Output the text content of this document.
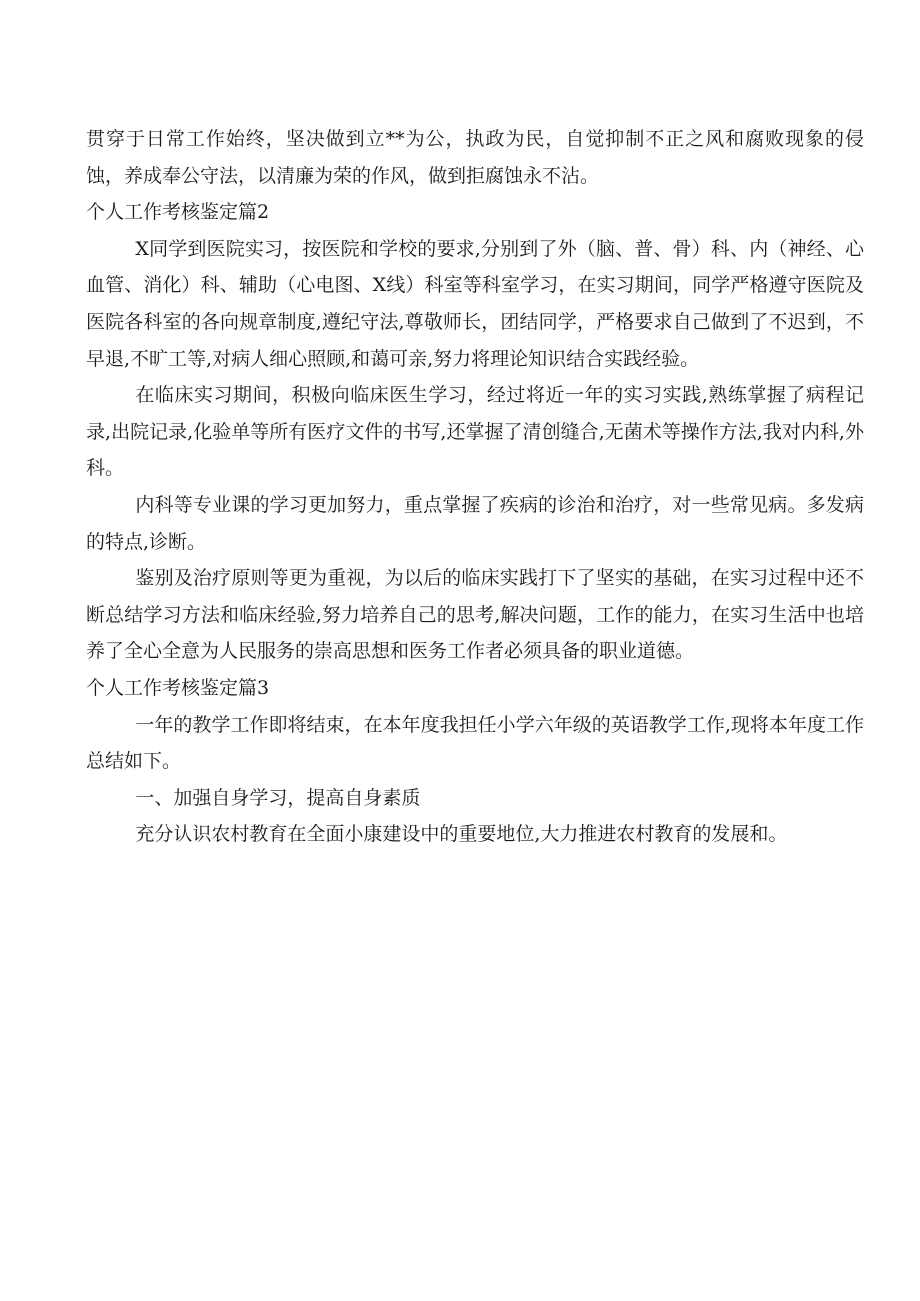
贯穿于日常工作始终，坚决做到立**为公，执政为民，自觉抑制不正之风和腐败现象的侵蚀，养成奉公守法，以清廉为荣的作风，做到拒腐蚀永不沾。

个人工作考核鉴定篇2

X同学到医院实习，按医院和学校的要求,分别到了外（脑、普、骨）科、内（神经、心血管、消化）科、辅助（心电图、X线）科室等科室学习，在实习期间，同学严格遵守医院及医院各科室的各向规章制度,遵纪守法,尊敬师长，团结同学，严格要求自己做到了不迟到，不早退,不旷工等,对病人细心照顾,和蔼可亲,努力将理论知识结合实践经验。

在临床实习期间，积极向临床医生学习，经过将近一年的实习实践,熟练掌握了病程记录,出院记录,化验单等所有医疗文件的书写,还掌握了清创缝合,无菌术等操作方法,我对内科,外科。

内科等专业课的学习更加努力，重点掌握了疾病的诊治和治疗，对一些常见病。多发病的特点,诊断。

鉴别及治疗原则等更为重视，为以后的临床实践打下了坚实的基础，在实习过程中还不断总结学习方法和临床经验,努力培养自己的思考,解决问题，工作的能力，在实习生活中也培养了全心全意为人民服务的崇高思想和医务工作者必须具备的职业道德。

个人工作考核鉴定篇3

一年的教学工作即将结束，在本年度我担任小学六年级的英语教学工作,现将本年度工作总结如下。

一、加强自身学习，提高自身素质

充分认识农村教育在全面小康建设中的重要地位,大力推进农村教育的发展和。
